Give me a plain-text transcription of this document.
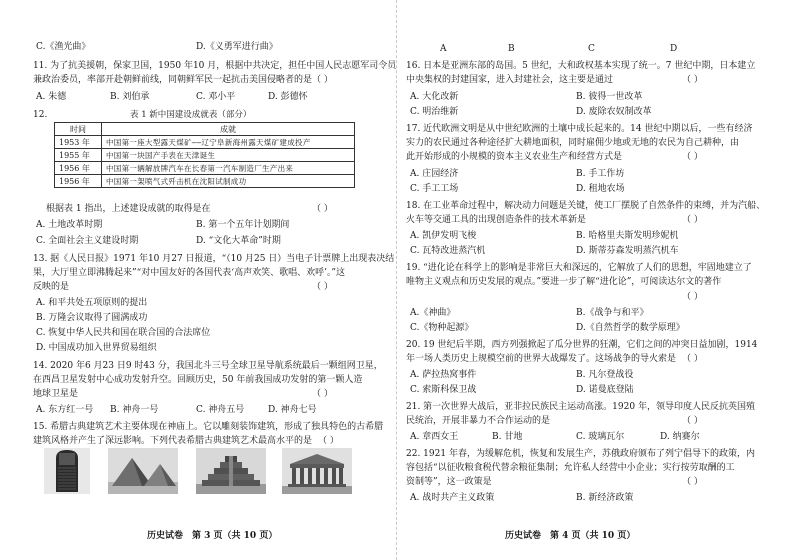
C.《渔光曲》	D.《义勇军进行曲》
11. 为了抗美援朝，保家卫国，1950 年10 月，根据中共决定，担任中国人民志愿军司令员
兼政治委员，率部开赴朝鲜前线，同朝鲜军民一起抗击美国侵略者的是 （ ）
A. 朱德	B. 刘伯承	C. 邓小平	D. 彭德怀
12.	表 1 新中国建设成就表（部分）
时间	成就
1953 年	中国第一座大型露天煤矿——辽宁阜新海州露天煤矿建成投产
1955 年	中国第一块国产手表在天津诞生
1956 年	中国第一辆解放牌汽车在长春第一汽车制造厂生产出来
1956 年	中国第一架喷气式歼击机在沈阳试制成功
根据表 1 指出，上述建设成就的取得是在	（ ）
A. 土地改革时期	B. 第一个五年计划期间
C. 全面社会主义建设时期	D. “文化大革命”时期
13. 据《人民日报》1971 年10 月27 日报道，“（10 月25 日）当电子计票牌上出现表决结
果，大厅里立即沸腾起来”“对中国友好的各国代表‘高声欢笑、歌唱、欢呼’。”这
反映的是	（ ）
A. 和平共处五项原则的提出
B. 万隆会议取得了圆满成功
C. 恢复中华人民共和国在联合国的合法席位
D. 中国成功加入世界贸易组织
14. 2020 年6 月23 日9 时43 分，我国北斗三号全球卫星导航系统最后一颗组网卫星，
在西昌卫星发射中心成功发射升空。回顾历史，50 年前我国成功发射的第一颗人造
地球卫星是	（ ）
A. 东方红一号 B. 神舟一号	C. 神舟五号	D. 神舟七号
15. 希腊古典建筑艺术主要体现在神庙上。它以雕刻装饰建筑，形成了独具特色的古希腊
建筑风格并产生了深远影响。下列代表希腊古典建筑艺术最高水平的是 （ ）
历史试卷　第 3 页（共 10 页）
A	B	C	D
16. 日本是亚洲东部的岛国。5 世纪，大和政权基本实现了统一。7 世纪中期，日本建立
中央集权的封建国家，进入封建社会，这主要是通过	（ ）
A. 大化改新	B. 彼得一世改革
C. 明治维新	D. 废除农奴制改革
17. 近代欧洲文明是从中世纪欧洲的土壤中成长起来的。14 世纪中期以后，一些有经济
实力的农民通过各种途径扩大耕地面积，同时雇佣少地或无地的农民为自己耕种，由
此开始形成的小规模的资本主义农业生产和经营方式是	（ ）
A. 庄园经济	B. 手工作坊
C. 手工工场	D. 租地农场
18. 在工业革命过程中，解决动力问题是关键，使工厂摆脱了自然条件的束缚，并为汽船、
火车等交通工具的出现创造条件的技术革新是	（ ）
A. 凯伊发明飞梭	B. 哈格里夫斯发明珍妮机
C. 瓦特改进蒸汽机	D. 斯蒂芬森发明蒸汽机车
19. “进化论在科学上的影响是非常巨大和深远的，它解放了人们的思想，牢固地建立了
唯物主义观点和历史发展的观点。”要进一步了解“进化论”，可阅读达尔文的著作
（ ）
A.《神曲》	B.《战争与和平》
C.《物种起源》	D.《自然哲学的数学原理》
20. 19 世纪后半期，西方列强掀起了瓜分世界的狂潮，它们之间的冲突日益加剧，1914
年一场人类历史上规模空前的世界大战爆发了。这场战争的导火索是 （ ）
A. 萨拉热窝事件	B. 凡尔登战役
C. 索斯科保卫战	D. 诺曼底登陆
21. 第一次世界大战后，亚非拉民族民主运动高涨。1920 年，领导印度人民反抗英国殖
民统治，开展非暴力不合作运动的是	（ ）
A. 章西女王	B. 甘地	C. 玻璃瓦尔	D. 纳赛尔
22. 1921 年春，为缓解危机，恢复和发展生产，苏俄政府颁布了列宁倡导下的政策，内
容包括“以征收粮食税代替余粮征集制；允许私人经营中小企业；实行按劳取酬的工
资制等”，这一政策是	（ ）
A. 战时共产主义政策	B. 新经济政策
历史试卷　第 4 页（共 10 页）
